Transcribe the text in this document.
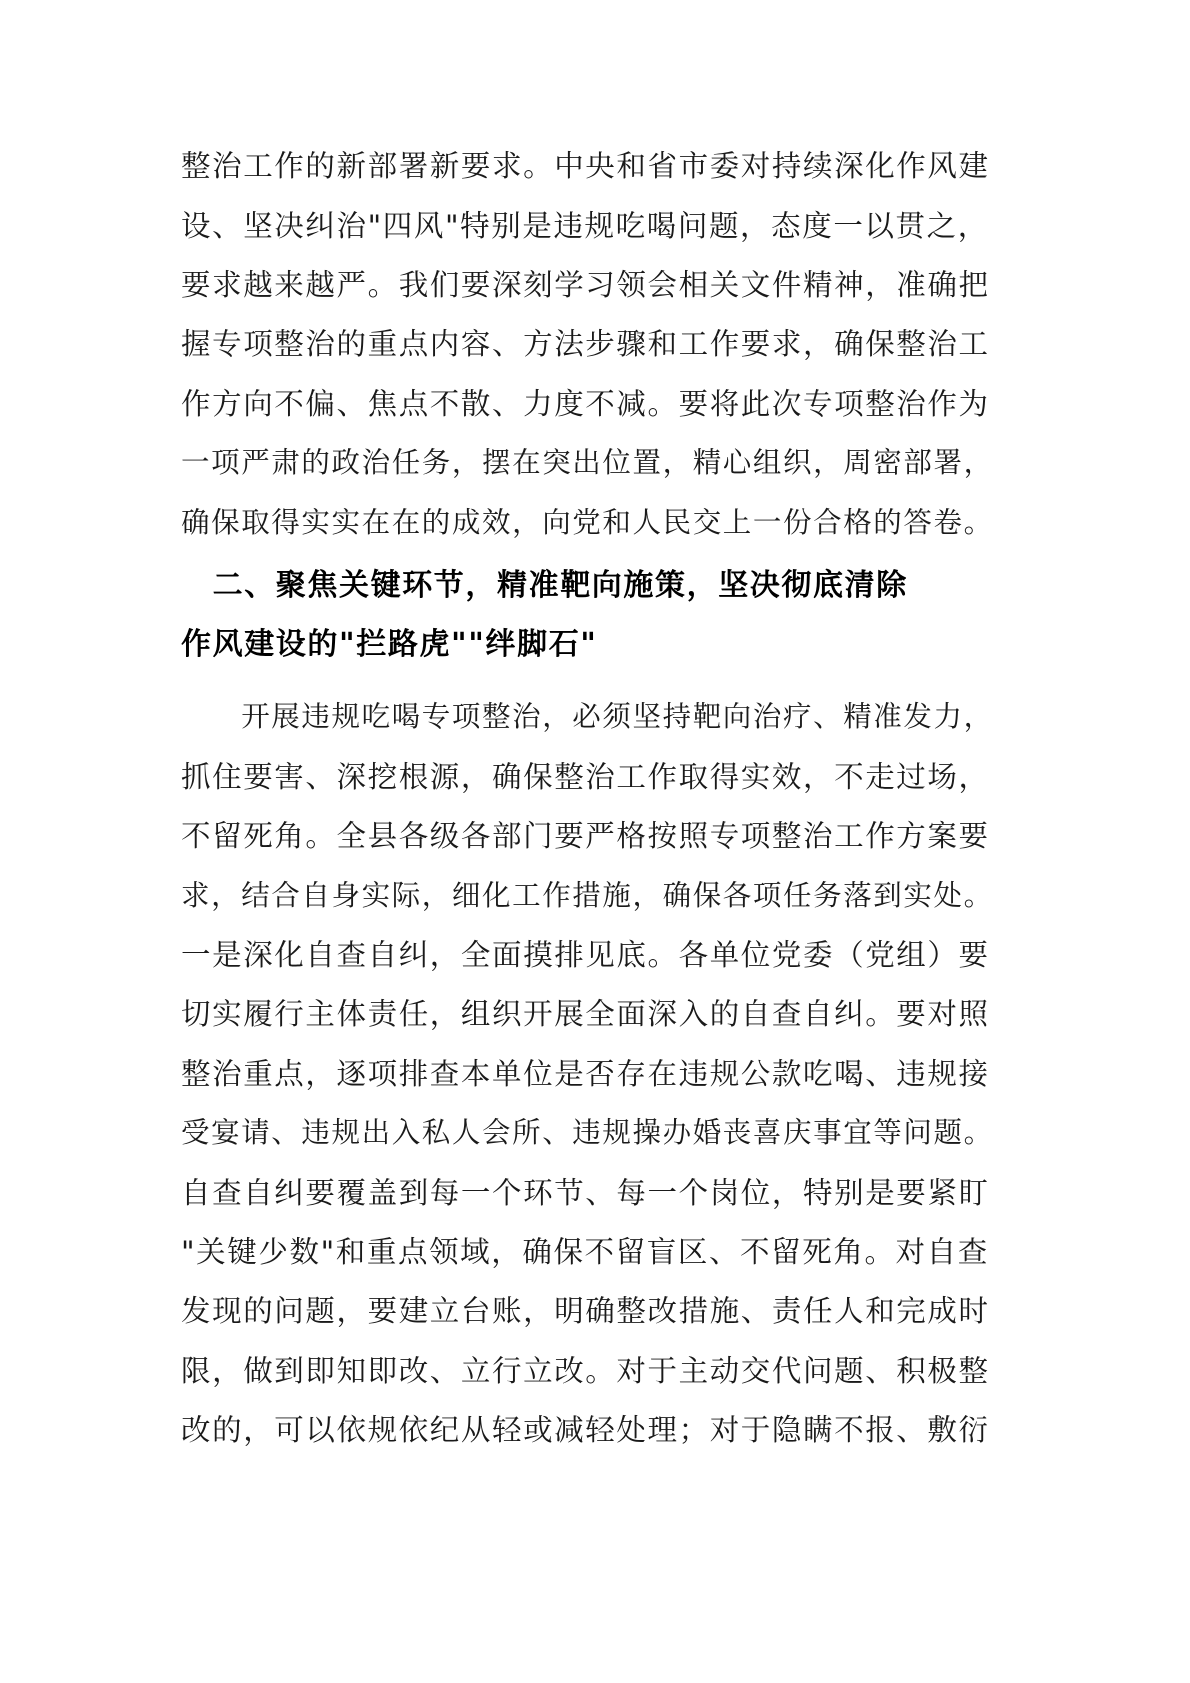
整治工作的新部署新要求。中央和省市委对持续深化作风建
设、坚决纠治"四风"特别是违规吃喝问题，态度一以贯之，
要求越来越严。我们要深刻学习领会相关文件精神，准确把
握专项整治的重点内容、方法步骤和工作要求，确保整治工
作方向不偏、焦点不散、力度不减。要将此次专项整治作为
一项严肃的政治任务，摆在突出位置，精心组织，周密部署，
确保取得实实在在的成效，向党和人民交上一份合格的答卷。
　二、聚焦关键环节，精准靶向施策，坚决彻底清除
作风建设的"拦路虎""绊脚石"
　　开展违规吃喝专项整治，必须坚持靶向治疗、精准发力，
抓住要害、深挖根源，确保整治工作取得实效，不走过场，
不留死角。全县各级各部门要严格按照专项整治工作方案要
求，结合自身实际，细化工作措施，确保各项任务落到实处。
一是深化自查自纠，全面摸排见底。各单位党委（党组）要
切实履行主体责任，组织开展全面深入的自查自纠。要对照
整治重点，逐项排查本单位是否存在违规公款吃喝、违规接
受宴请、违规出入私人会所、违规操办婚丧喜庆事宜等问题。
自查自纠要覆盖到每一个环节、每一个岗位，特别是要紧盯
"关键少数"和重点领域，确保不留盲区、不留死角。对自查
发现的问题，要建立台账，明确整改措施、责任人和完成时
限，做到即知即改、立行立改。对于主动交代问题、积极整
改的，可以依规依纪从轻或减轻处理；对于隐瞒不报、敷衍
